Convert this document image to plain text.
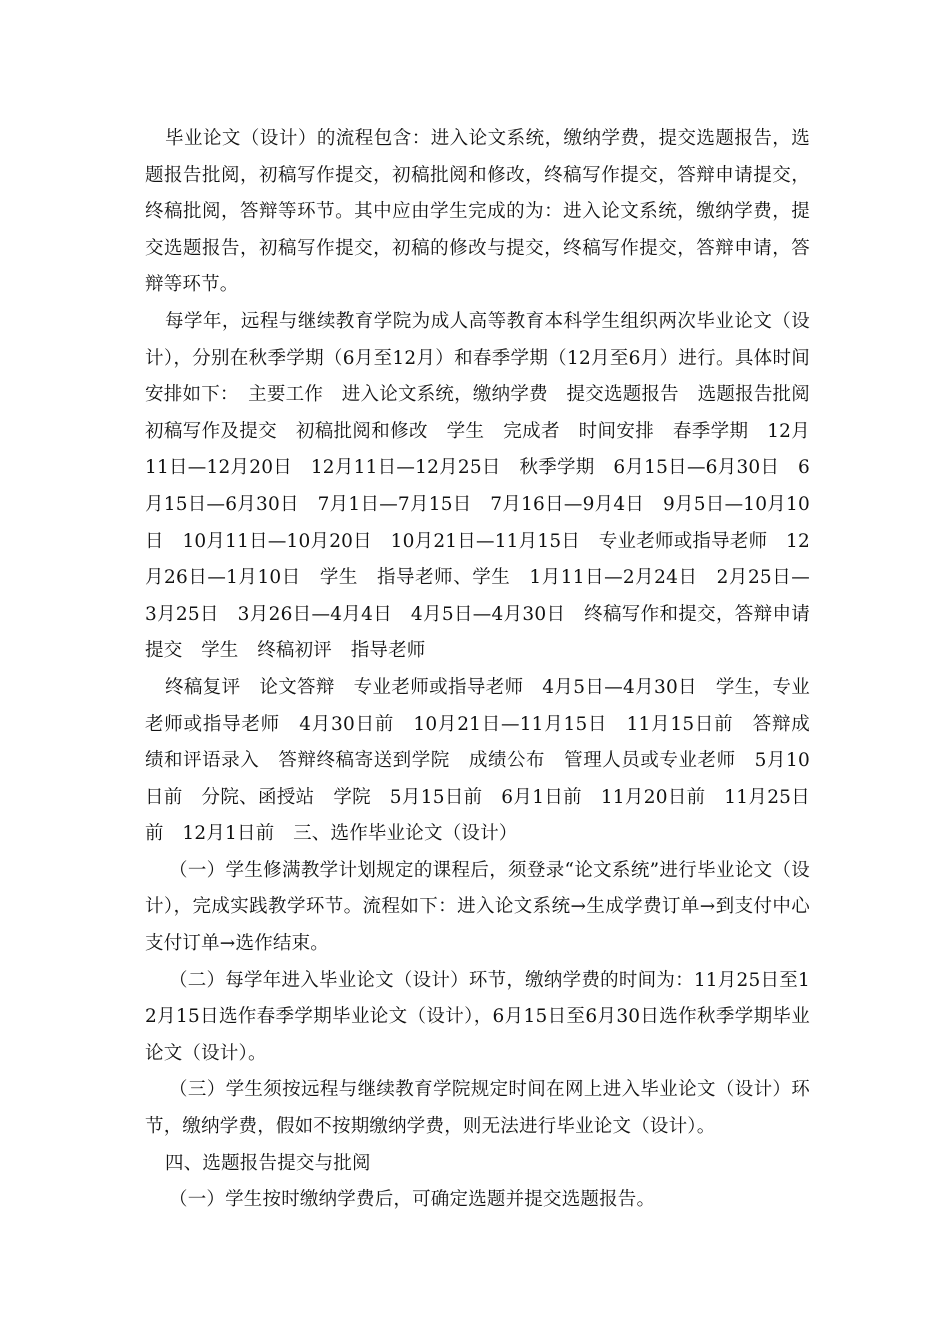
毕业论文（设计）的流程包含：进入论文系统，缴纳学费，提交选题报告，选题报告批阅，初稿写作提交，初稿批阅和修改，终稿写作提交，答辩申请提交，终稿批阅，答辩等环节。其中应由学生完成的为：进入论文系统，缴纳学费，提交选题报告，初稿写作提交，初稿的修改与提交，终稿写作提交，答辩申请，答辩等环节。

每学年，远程与继续教育学院为成人高等教育本科学生组织两次毕业论文（设计），分别在秋季学期（6月至12月）和春季学期（12月至6月）进行。具体时间安排如下：　主要工作　进入论文系统，缴纳学费　提交选题报告　选题报告批阅　初稿写作及提交　初稿批阅和修改　学生　完成者　时间安排　春季学期　12月11日—12月20日　12月11日—12月25日　秋季学期　6月15日—6月30日　6月15日—6月30日　7月1日—7月15日　7月16日—9月4日　9月5日—10月10日　10月11日—10月20日　10月21日—11月15日　专业老师或指导老师　12月26日—1月10日　学生　指导老师、学生　1月11日—2月24日　2月25日—3月25日　3月26日—4月4日　4月5日—4月30日　终稿写作和提交，答辩申请提交　学生　终稿初评　指导老师

终稿复评　论文答辩　专业老师或指导老师　4月5日—4月30日　学生，专业老师或指导老师　4月30日前　10月21日—11月15日　11月15日前　答辩成绩和评语录入　答辩终稿寄送到学院　成绩公布　管理人员或专业老师　5月10日前　分院、函授站　学院　5月15日前　6月1日前　11月20日前　11月25日前　12月1日前　三、选作毕业论文（设计）

（一）学生修满教学计划规定的课程后，须登录“论文系统”进行毕业论文（设计），完成实践教学环节。流程如下：进入论文系统→生成学费订单→到支付中心支付订单→选作结束。

（二）每学年进入毕业论文（设计）环节，缴纳学费的时间为：11月25日至12月15日选作春季学期毕业论文（设计），6月15日至6月30日选作秋季学期毕业论文（设计）。

（三）学生须按远程与继续教育学院规定时间在网上进入毕业论文（设计）环节，缴纳学费，假如不按期缴纳学费，则无法进行毕业论文（设计）。

四、选题报告提交与批阅

（一）学生按时缴纳学费后，可确定选题并提交选题报告。
